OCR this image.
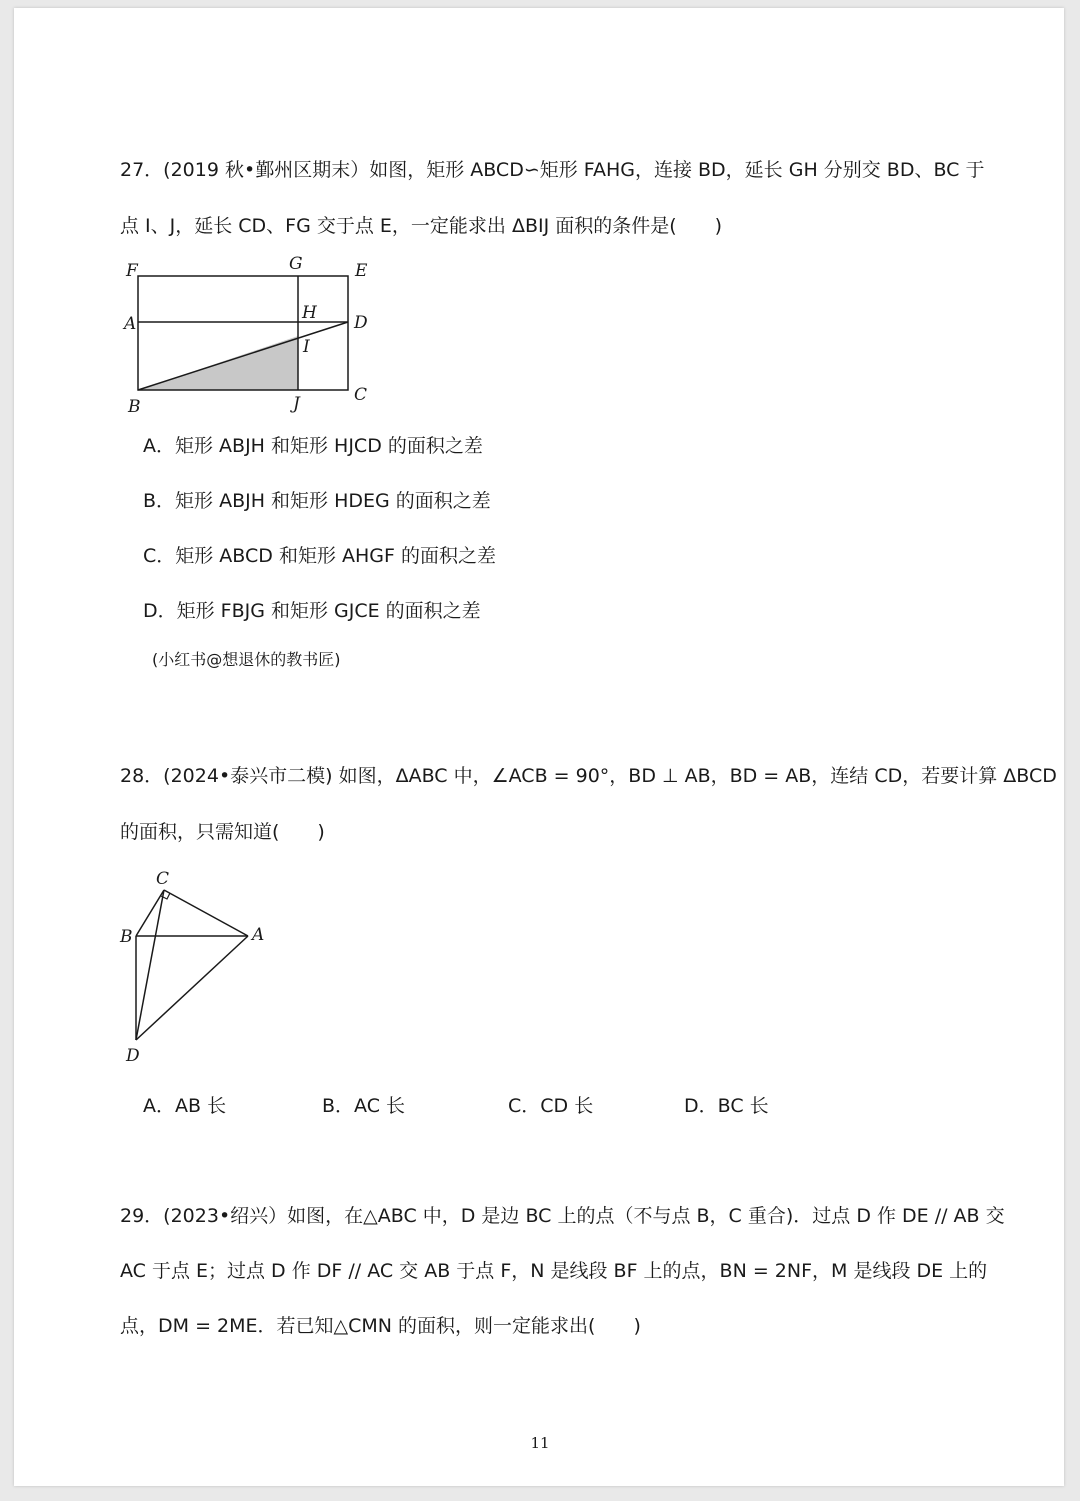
27．(2019 秋•鄞州区期末）如图，矩形 ABCD∽矩形 FAHG，连接 BD，延长 GH 分别交 BD、BC 于
点 I、J，延长 CD、FG 交于点 E，一定能求出 ΔBIJ 面积的条件是(　　)
F	G	E
A
H D
I
B	J	C
A．矩形 ABJH 和矩形 HJCD 的面积之差
B．矩形 ABJH 和矩形 HDEG 的面积之差
C．矩形 ABCD 和矩形 AHGF 的面积之差
D．矩形 FBJG 和矩形 GJCE 的面积之差
(小红书@想退休的教书匠)
28．(2024•泰兴市二模) 如图，ΔABC 中，∠ACB = 90°，BD ⊥ AB，BD = AB，连结 CD，若要计算 ΔBCD
的面积，只需知道(　　)
C
B	A
D
A．AB 长	B．AC 长	C．CD 长	D．BC 长
29．(2023•绍兴）如图，在△ABC 中，D 是边 BC 上的点（不与点 B，C 重合)．过点 D 作 DE // AB 交
AC 于点 E；过点 D 作 DF // AC 交 AB 于点 F，N 是线段 BF 上的点，BN = 2NF，M 是线段 DE 上的
点，DM = 2ME．若已知△CMN 的面积，则一定能求出(　　)
11
